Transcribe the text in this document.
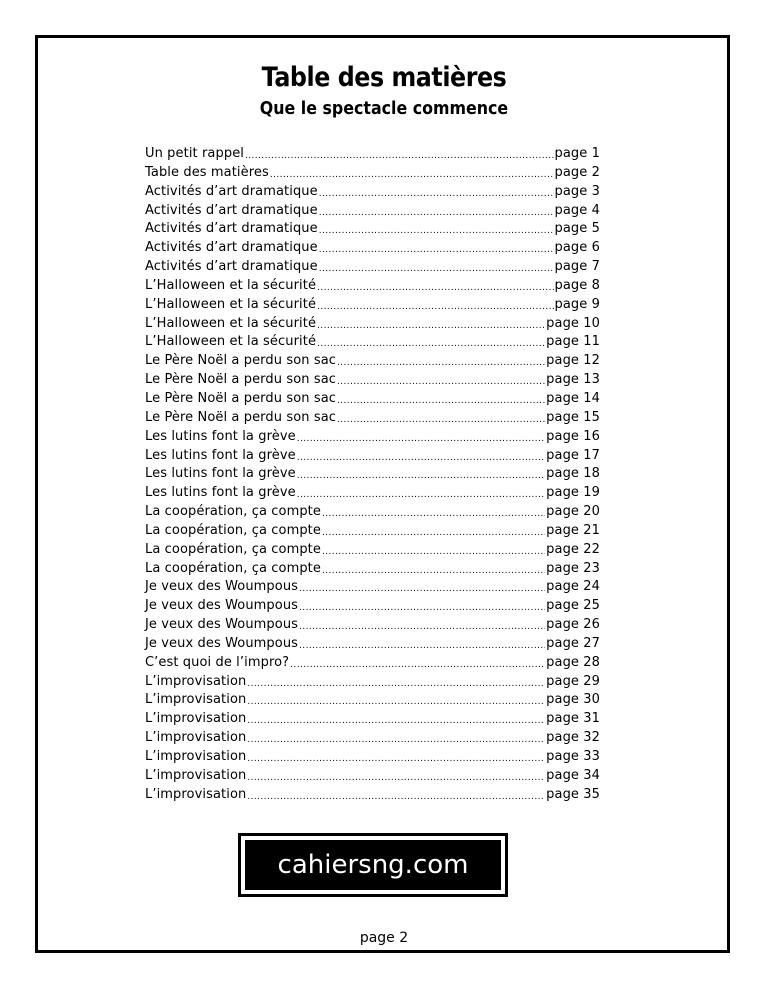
Table des matières
Que le spectacle commence
Un petit rappel .....	page 1
Table des matières .....	page 2
Activités d’art dramatique .....	page 3
Activités d’art dramatique .....	page 4
Activités d’art dramatique .....	page 5
Activités d’art dramatique .....	page 6
Activités d’art dramatique .....	page 7
L’Halloween et la sécurité .....	page 8
L’Halloween et la sécurité .....	page 9
L’Halloween et la sécurité .....	page 10
L’Halloween et la sécurité .....	page 11
Le Père Noël a perdu son sac .....	page 12
Le Père Noël a perdu son sac .....	page 13
Le Père Noël a perdu son sac .....	page 14
Le Père Noël a perdu son sac .....	page 15
Les lutins font la grève .....	page 16
Les lutins font la grève .....	page 17
Les lutins font la grève .....	page 18
Les lutins font la grève .....	page 19
La coopération, ça compte .....	page 20
La coopération, ça compte .....	page 21
La coopération, ça compte .....	page 22
La coopération, ça compte .....	page 23
Je veux des Woumpous .....	page 24
Je veux des Woumpous .....	page 25
Je veux des Woumpous .....	page 26
Je veux des Woumpous .....	page 27
C’est quoi de l’impro? .....	page 28
L’improvisation .....	page 29
L’improvisation .....	page 30
L’improvisation .....	page 31
L’improvisation .....	page 32
L’improvisation .....	page 33
L’improvisation .....	page 34
L’improvisation .....	page 35
cahiersng.com
page 2
